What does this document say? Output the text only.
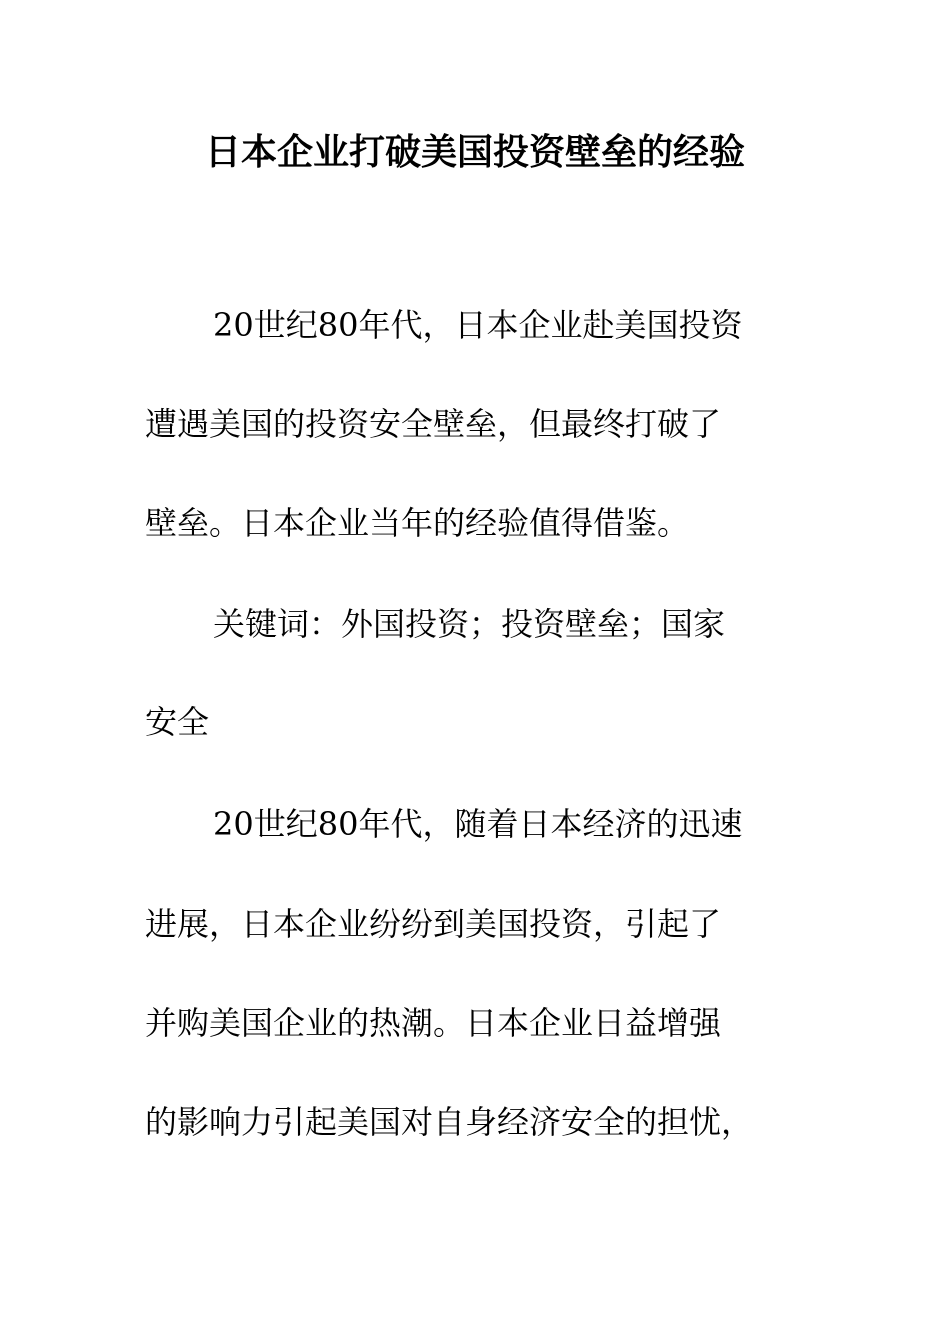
日本企业打破美国投资壁垒的经验
20世纪80年代，日本企业赴美国投资
遭遇美国的投资安全壁垒，但最终打破了
壁垒。日本企业当年的经验值得借鉴。
关键词：外国投资；投资壁垒；国家
安全
20世纪80年代，随着日本经济的迅速
进展，日本企业纷纷到美国投资，引起了
并购美国企业的热潮。日本企业日益增强
的影响力引起美国对自身经济安全的担忧，
